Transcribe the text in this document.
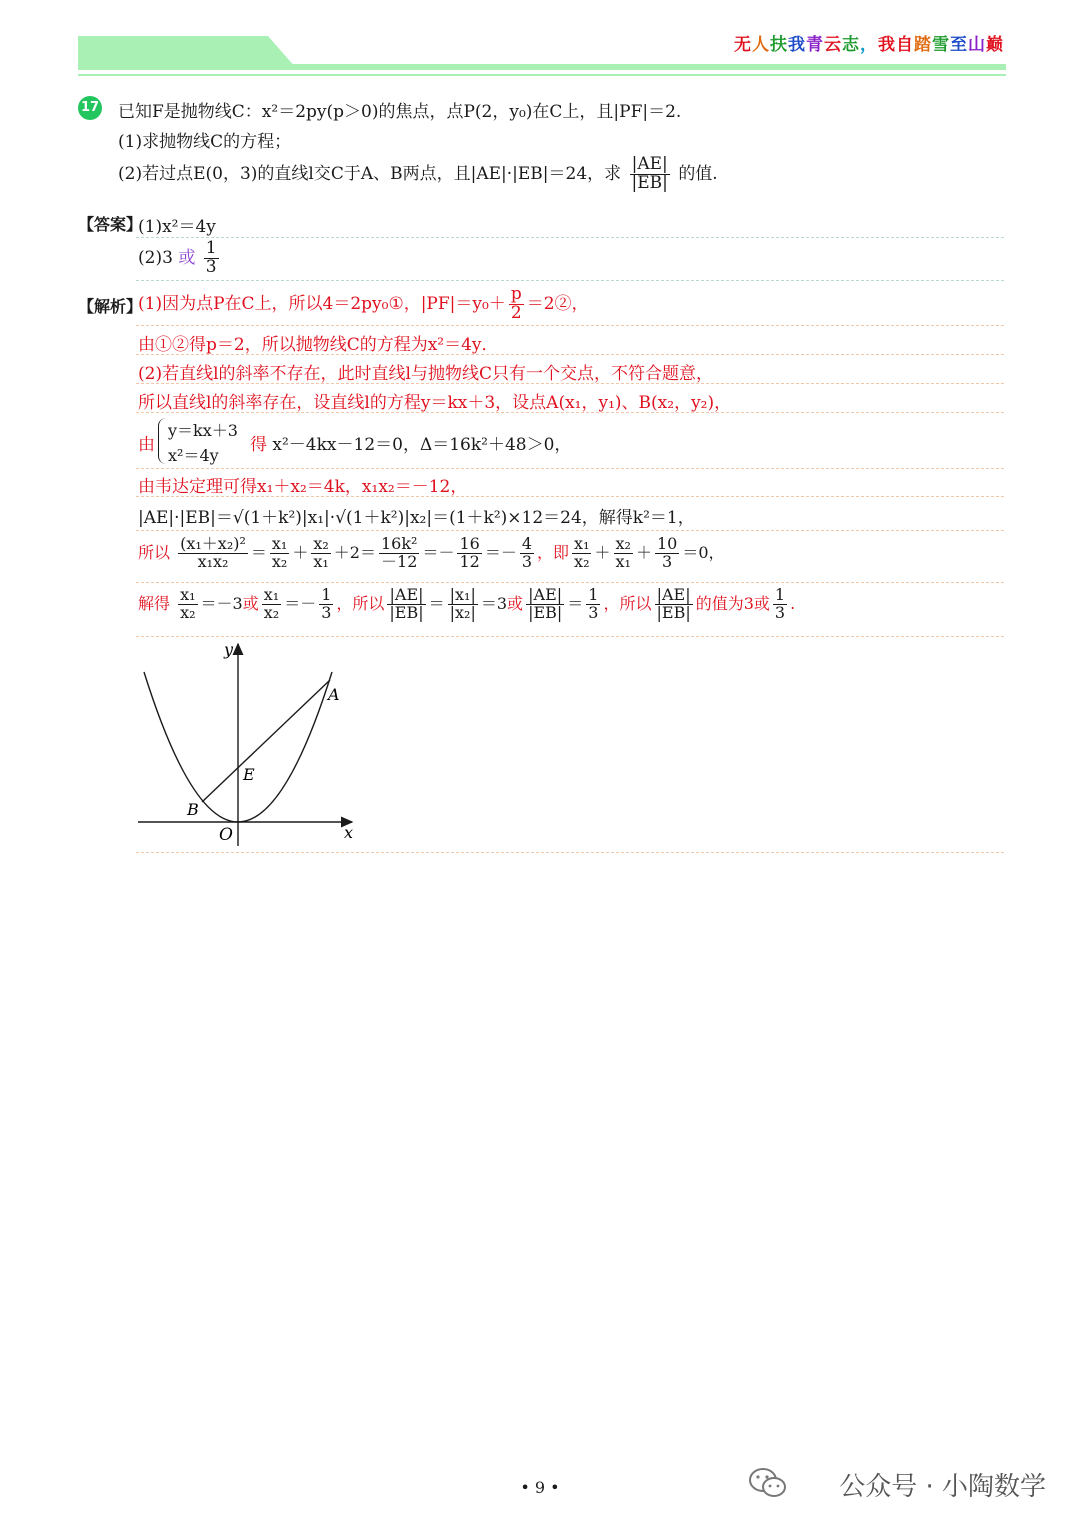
无人扶我青云志，我自踏雪至山巅
17 已知F是抛物线C：x²＝2py(p＞0)的焦点，点P(2，y₀)在C上，且|PF|＝2.
(1)求抛物线C的方程；
(2)若过点E(0，3)的直线l交C于A、B两点，且|AE|·|EB|＝24，求 $\frac{|AE|}{|EB|}$ 的值.
【答案】
(1)x²＝4y
(2)3 或 $\frac{1}{3}$
【解析】
(1)因为点P在C上，所以4＝2py₀①，$|PF|=y_0+ \frac{p}{2}$ ＝2②，
由①②得p＝2，所以抛物线C的方程为x²＝4y．
(2)若直线l的斜率不存在，此时直线l与抛物线C只有一个交点，不符合题意，
所以直线l的斜率存在，设直线l的方程y＝kx＋3，设点A(x₁，y₁)、B(x₂，y₂)，
由
y＝kx＋3
x²＝4y
得 x²－4kx－12＝0，Δ＝16k²＋48＞0，
由韦达定理可得x₁＋x₂＝4k，x₁x₂＝－12，
|AE|·|EB|＝√(1＋k²)|x₁|·√(1＋k²)|x₂|＝(1＋k²)×12＝24，解得k²＝1，
所以 $\frac{\text{(x₁＋x₂)²}}{\text{x₁x₂}} = \frac{\text{x₁}}{\text{x₂}} + \frac{\text{x₂}}{\text{x₁}} +2= \frac{\text{16k²}}{-12} =- \frac{16}{12} =- \frac{4}{3}$ ，即 $\frac{\text{x₁}}{\text{x₂}} + \frac{\text{x₂}}{\text{x₁}} + \frac{10}{3} =0$，
解得 $\frac{\text{x₁}}{\text{x₂}} =-3$或 $\frac{\text{x₁}}{\text{x₂}} =- \frac{1}{3}$ ，所以 $\frac{|AE|}{|EB|} = \frac{\text{|x₁|}}{\text{|x₂|}} =3$或 $\frac{|AE|}{|EB|} = \frac{1}{3}$ ，所以 $\frac{|AE|}{|EB|}$ 的值为3或 $\frac{1}{3}$ .
y
x
O
A
B
E
• 9 •	公众号 · 小陶数学
